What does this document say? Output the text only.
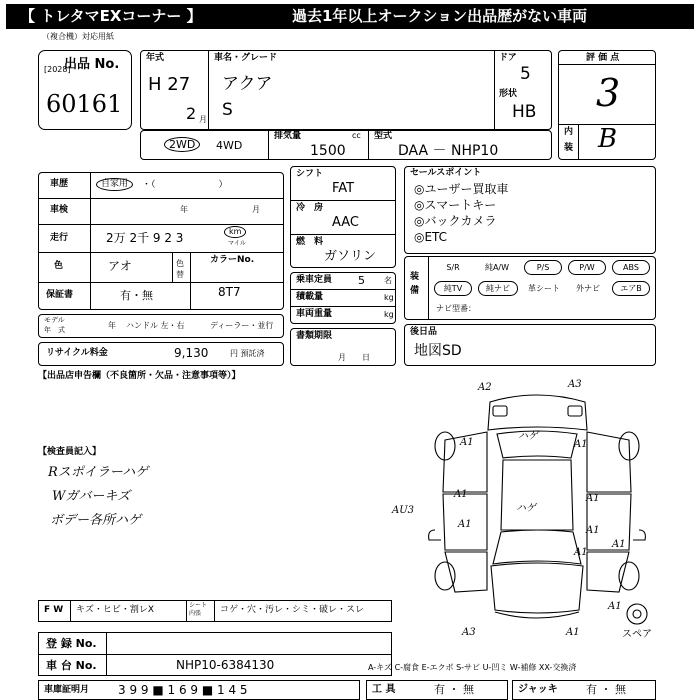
【 トレタマEXコーナー 】	過去1年以上オークション出品歴がない車両
（複合機）対応用紙
出品 No.
[2028]
60161
年式
H 27
2 月
車名・グレード
アクア
S
ドア
5
形状
HB
評 価 点
3
内
装 B
2WD	4WD
排気量	cc
1500
型式
DAA － NHP10
車歴	自家用	・（　　　　　　　）
車検	年	月
走行	2万 2千 9 2 3	km
マイル
色	アオ	色替
カラーNo.
8T7
保証書	有・無
モデル
年　式	年 ハンドル 左・右	ディーラー・並行
リサイクル料金	9,130	円 預託済
シフト
FAT
冷　房
AAC
燃　料
ガソリン
乗車定員 5 名
積載量	kg
車両重量	kg
書類期限
月　　日
セールスポイント
◎ユーザー買取車
◎スマートキー
◎バックカメラ
◎ETC
装備
S/R	純A/W	P/S	P/W	ABS
純TV	純ナビ	革シート	外ナビ	エアB
ナビ型番：
後日品
地図SD
【出品店申告欄（不良箇所・欠品・注意事項等）】
【検査員記入】
Rスポイラーハゲ
Wガバーキズ
ボデー各所ハゲ
A2	A3
ハゲ
A1
A1
A1
ハゲ
A1
A1
A1
A1
A1
A1
A3	A1
AU3
スペア
F W キズ・ヒビ・割レX	シート 内張	コゲ・穴・汚レ・シミ・破レ・スレ
登 録 No.
車 台 No.	NHP10-6384130	A-キズ C-腐食 E-エクボ S-サビ U-凹ミ W-補修 XX-交換済
車庫証明月 3 9 9 ■ 1 6 9 ■ 1 4 5	工 具	有 ・ 無	ジャッキ	有 ・ 無
